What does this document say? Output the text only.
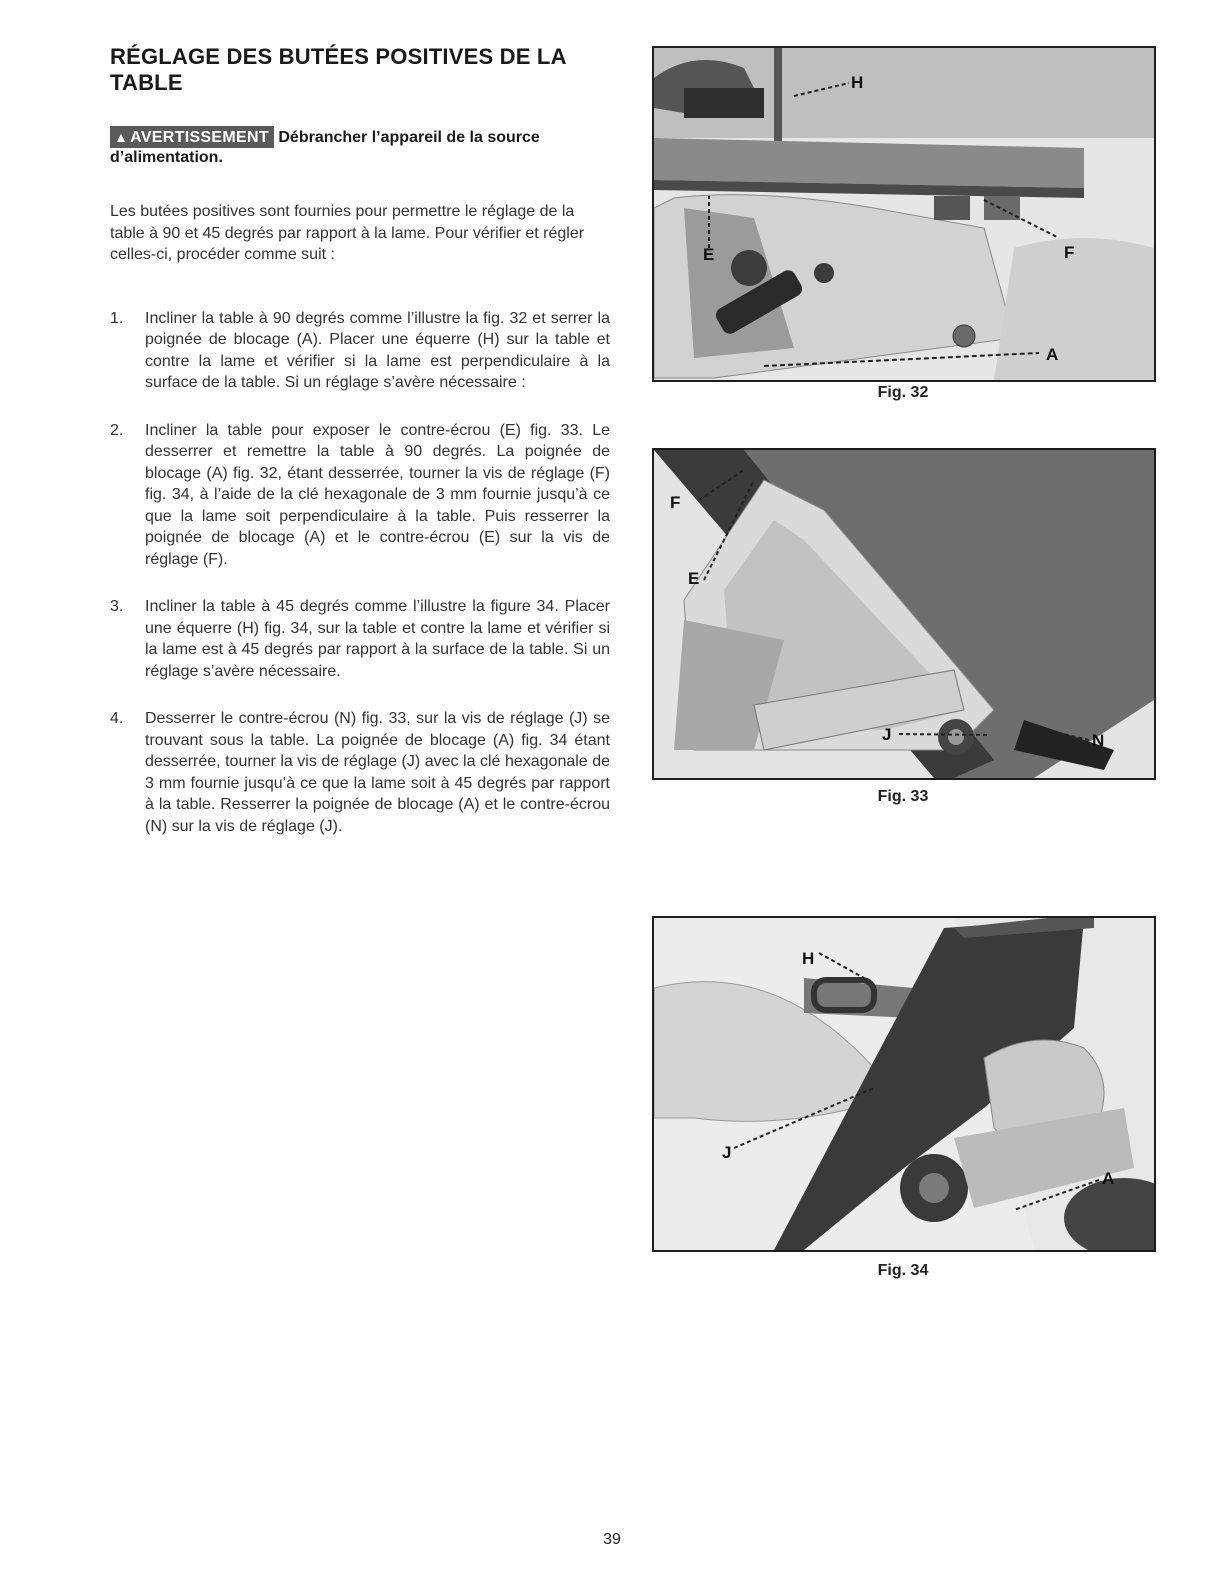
RÉGLAGE DES BUTÉES POSITIVES DE LA TABLE
▲ AVERTISSEMENT Débrancher l’appareil de la source d’alimentation.

Les butées positives sont fournies pour permettre le réglage de la table à 90 et 45 degrés par rapport à la lame. Pour vérifier et régler celles-ci, procéder comme suit :

1. Incliner la table à 90 degrés comme l’illustre la fig. 32 et serrer la poignée de blocage (A). Placer une équerre (H) sur la table et contre la lame et vérifier si la lame est perpendiculaire à la surface de la table. Si un réglage s’avère nécessaire :
2. Incliner la table pour exposer le contre-écrou (E) fig. 33. Le desserrer et remettre la table à 90 degrés. La poignée de blocage (A) fig. 32, étant desserrée, tourner la vis de réglage (F) fig. 34, à l’aide de la clé hexagonale de 3 mm fournie jusqu’à ce que la lame soit perpendiculaire à la table. Puis resserrer la poignée de blocage (A) et le contre-écrou (E) sur la vis de réglage (F).
3. Incliner la table à 45 degrés comme l’illustre la figure 34. Placer une équerre (H) fig. 34, sur la table et contre la lame et vérifier si la lame est à 45 degrés par rapport à la surface de la table. Si un réglage s’avère nécessaire.
4. Desserrer le contre-écrou (N) fig. 33, sur la vis de réglage (J) se trouvant sous la table. La poignée de blocage (A) fig. 34 étant desserrée, tourner la vis de réglage (J) avec la clé hexagonale de 3 mm fournie jusqu’à ce que la lame soit à 45 degrés par rapport à la table. Resserrer la poignée de blocage (A) et le contre-écrou (N) sur la vis de réglage (J).
H
E	F
A
Fig. 32
F
E
J	N
Fig. 33
H
J
A
Fig. 34
39
